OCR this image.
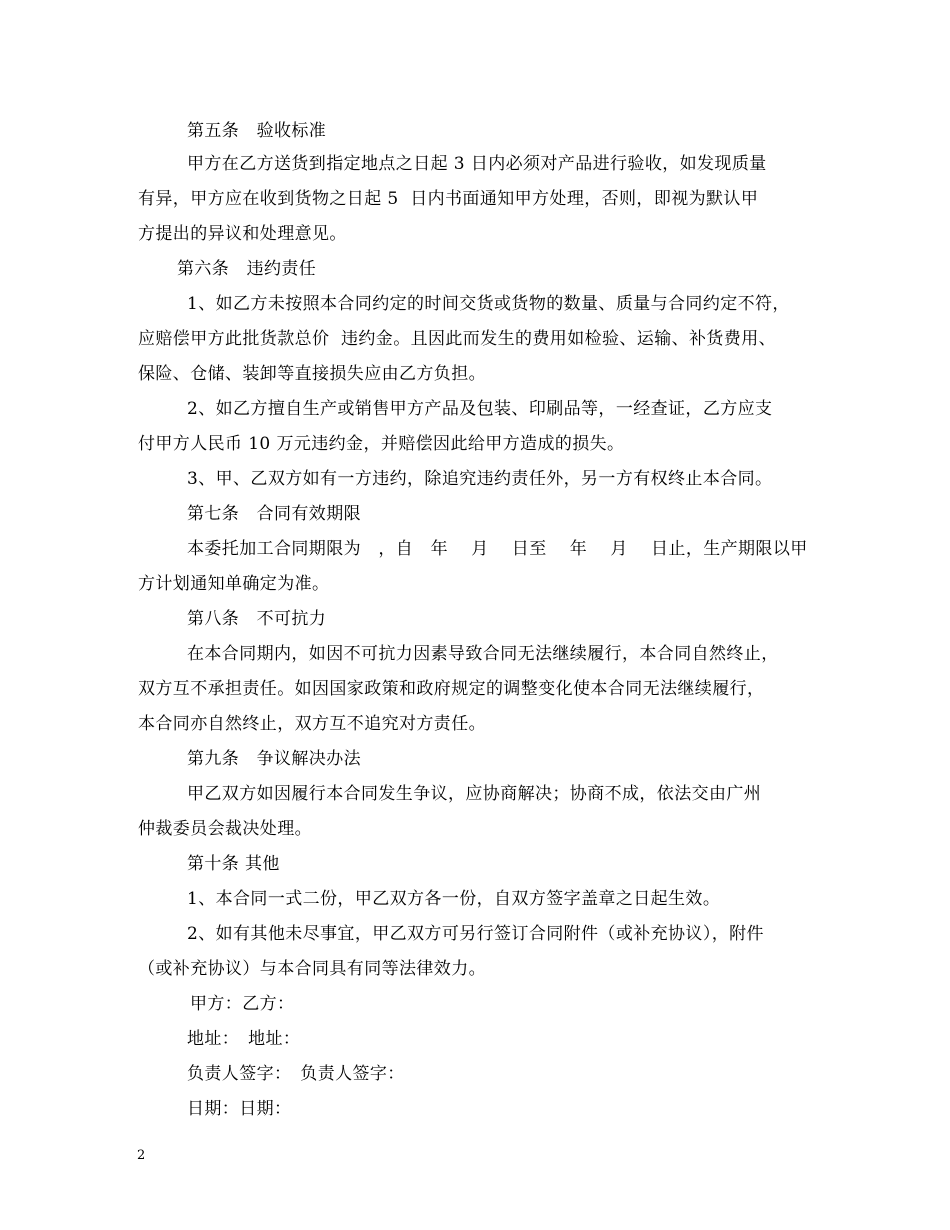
第五条　验收标准
甲方在乙方送货到指定地点之日起 3 日内必须对产品进行验收，如发现质量
有异，甲方应在收到货物之日起 5  日内书面通知甲方处理，否则，即视为默认甲
方提出的异议和处理意见。
第六条　违约责任
1、如乙方未按照本合同约定的时间交货或货物的数量、质量与合同约定不符，
应赔偿甲方此批货款总价  违约金。且因此而发生的费用如检验、运输、补货费用、
保险、仓储、装卸等直接损失应由乙方负担。
2、如乙方擅自生产或销售甲方产品及包装、印刷品等，一经查证，乙方应支
付甲方人民币 10 万元违约金，并赔偿因此给甲方造成的损失。
3、甲、乙双方如有一方违约，除追究违约责任外，另一方有权终止本合同。
第七条　合同有效期限
本委托加工合同期限为　，自　年　 月　 日至　 年　 月　 日止，生产期限以甲
方计划通知单确定为准。
第八条　不可抗力
在本合同期内，如因不可抗力因素导致合同无法继续履行，本合同自然终止，
双方互不承担责任。如因国家政策和政府规定的调整变化使本合同无法继续履行，
本合同亦自然终止，双方互不追究对方责任。
第九条　争议解决办法
甲乙双方如因履行本合同发生争议，应协商解决；协商不成，依法交由广州
仲裁委员会裁决处理。
第十条 其他
1、本合同一式二份，甲乙双方各一份，自双方签字盖章之日起生效。
2、如有其他未尽事宜，甲乙双方可另行签订合同附件（或补充协议），附件
（或补充协议）与本合同具有同等法律效力。
甲方：乙方：
地址：　地址：
负责人签字：　负责人签字：
日期：日期：
2
